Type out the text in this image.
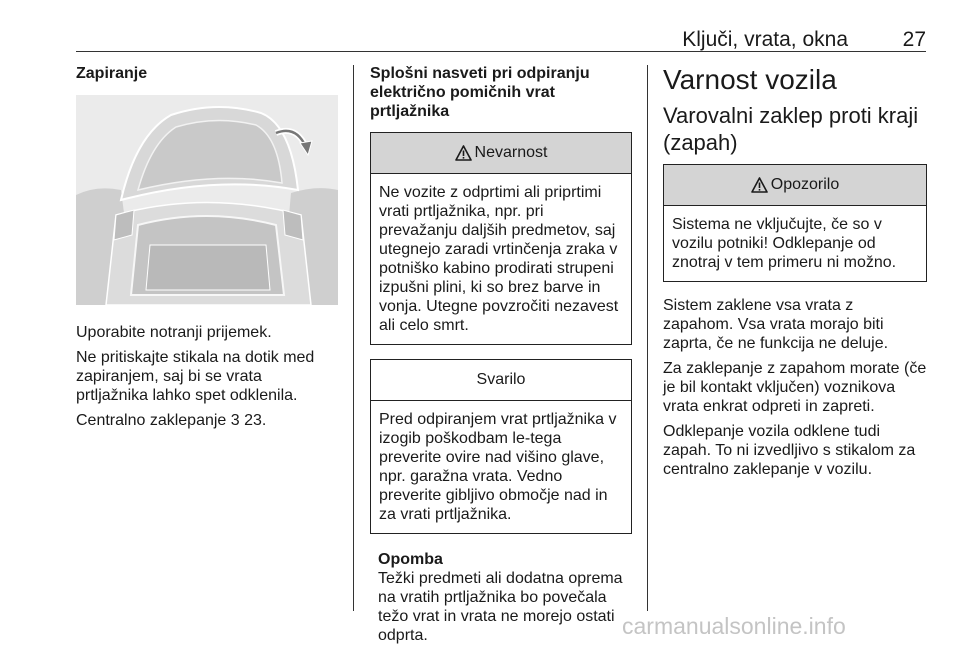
Ključi, vrata, okna	27

Zapiranje

Uporabite notranji prijemek.

Ne pritiskajte stikala na dotik med zapiranjem, saj bi se vrata prtljažnika lahko spet odklenila.

Centralno zaklepanje 3 23.

Splošni nasveti pri odpiranju električno pomičnih vrat prtljažnika

Nevarnost
Ne vozite z odprtimi ali priprtimi vrati prtljažnika, npr. pri prevažanju daljših predmetov, saj utegnejo zaradi vrtinčenja zraka v potniško kabino prodirati strupeni izpušni plini, ki so brez barve in vonja. Utegne povzročiti nezavest ali celo smrt.
Svarilo
Pred odpiranjem vrat prtljažnika v izogib poškodbam le-tega preverite ovire nad višino glave, npr. garažna vrata. Vedno preverite gibljivo območje nad in za vrati prtljažnika.
Opomba
Težki predmeti ali dodatna oprema na vratih prtljažnika bo povečala težo vrat in vrata ne morejo ostati odprta.
Varnost vozila
Varovalni zaklep proti kraji (zapah)
Opozorilo
Sistema ne vključujte, če so v vozilu potniki! Odklepanje od znotraj v tem primeru ni možno.

Sistem zaklene vsa vrata z zapahom. Vsa vrata morajo biti zaprta, če ne funkcija ne deluje.

Za zaklepanje z zapahom morate (če je bil kontakt vključen) voznikova vrata enkrat odpreti in zapreti.

Odklepanje vozila odklene tudi zapah. To ni izvedljivo s stikalom za centralno zaklepanje v vozilu.

carmanualsonline.info
